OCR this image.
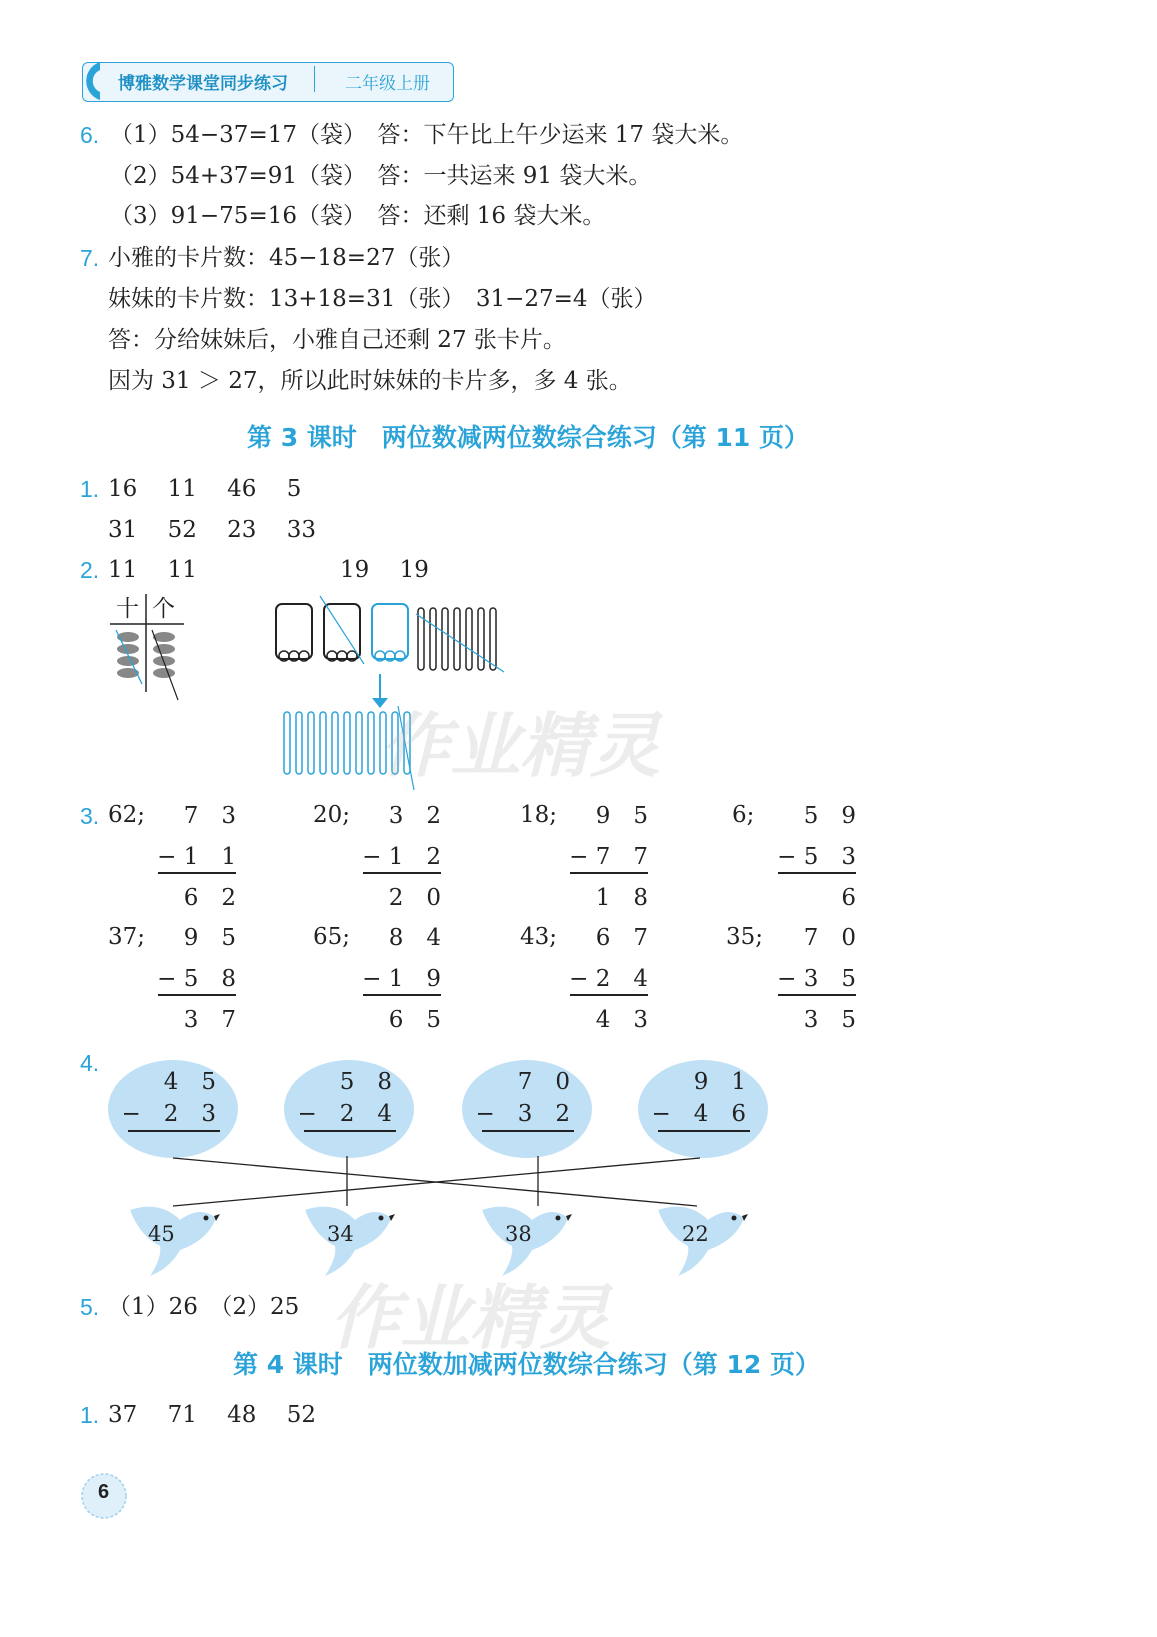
博雅数学课堂同步练习	二年级上册
6. （1）54−37=17（袋）　答：下午比上午少运来 17 袋大米。
（2）54+37=91（袋）　答：一共运来 91 袋大米。
（3）91−75=16（袋）　答：还剩 16 袋大米。
7. 小雅的卡片数：45−18=27（张）
妹妹的卡片数：13+18=31（张）　31−27=4（张）
答：分给妹妹后，小雅自己还剩 27 张卡片。
因为 31 ＞ 27，所以此时妹妹的卡片多，多 4 张。
第 3 课时　两位数减两位数综合练习（第 11 页）
1. 16　 11　 46　 5
31　 52　 23　 33
2. 11　 11	19　 19
十 个
3. 62;	7　3
− 1　1
6　2
20;	3　2
− 1　2
2　0
18;	9　5
− 7　7
1　8
6;	5　9
− 5　3
6
37;	9　5
− 5　8
3　7
65;	8　4
− 1　9
6　5
43;	6　7
− 2　4
4　3
35;	7　0
− 3　5
3　5
4.
4　5
−　2　3
5　8
−　2　4
7　0
−　3　2
9　1
−　4　6
45	34	38	22
5. （1）26　（2）25
第 4 课时　两位数加减两位数综合练习（第 12 页）
1. 37　 71　 48　 52
6
作业精灵
作业精灵
